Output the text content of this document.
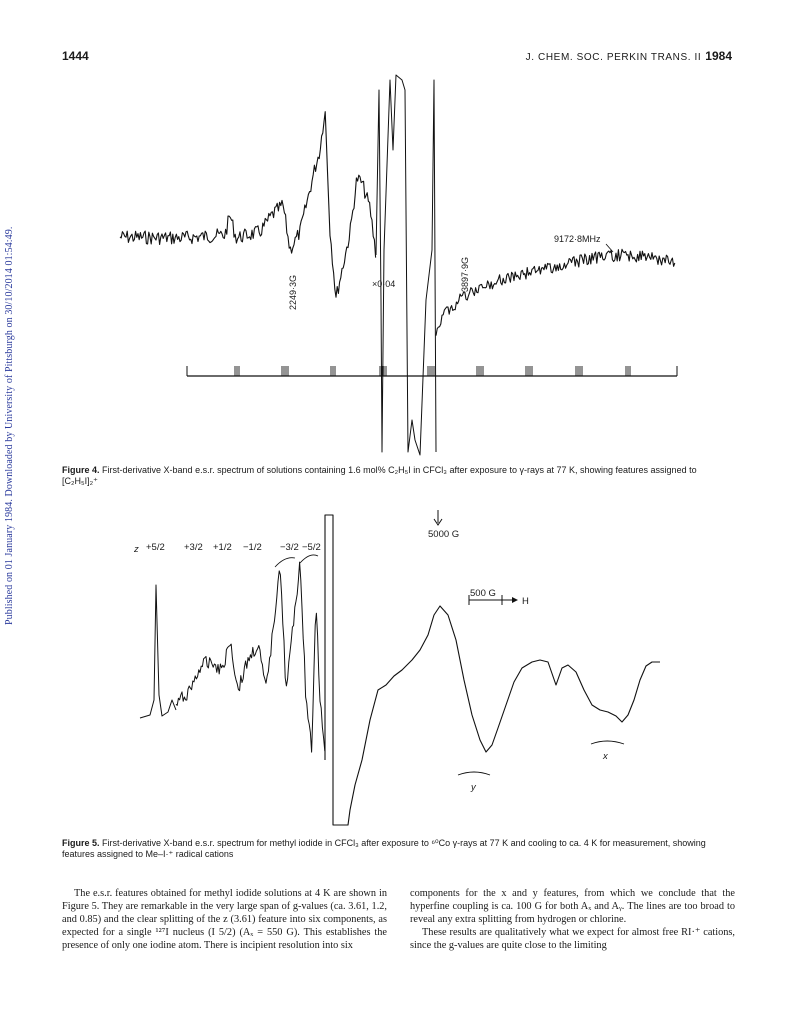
Published on 01 January 1984. Downloaded by University of Pittsburgh on 30/10/2014 01:54:49.
1444	J. CHEM. SOC. PERKIN TRANS. II 1984
2249·3G	×0·04	3897·9G
9172·8MHz
Figure 4. First-derivative X-band e.s.r. spectrum of solutions containing 1.6 mol% C₂H₅I in CFCl₃ after exposure to γ-rays at 77 K, showing features assigned to [C₂H₅I]₂⁺
5000 G
500 G
H
z +5/2 +3/2 +1/2 −1/2 −3/2 −5/2
y
x
Figure 5. First-derivative X-band e.s.r. spectrum for methyl iodide in CFCl₃ after exposure to ⁶⁰Co γ-rays at 77 K and cooling to ca. 4 K for measurement, showing features assigned to Me–I·⁺ radical cations

The e.s.r. features obtained for methyl iodide solutions at 4 K are shown in Figure 5. They are remarkable in the very large span of g-values (ca. 3.61, 1.2, and 0.85) and the clear splitting of the z (3.61) feature into six components, as expected for a single ¹²⁷I nucleus (I 5/2) (Aₓ = 550 G). This establishes the presence of only one iodine atom. There is incipient resolution into six

components for the x and y features, from which we conclude that the hyperfine coupling is ca. 100 G for both Aₓ and Aᵧ. The lines are too broad to reveal any extra splitting from hydrogen or chlorine.

These results are qualitatively what we expect for almost free RI·⁺ cations, since the g-values are quite close to the limiting
